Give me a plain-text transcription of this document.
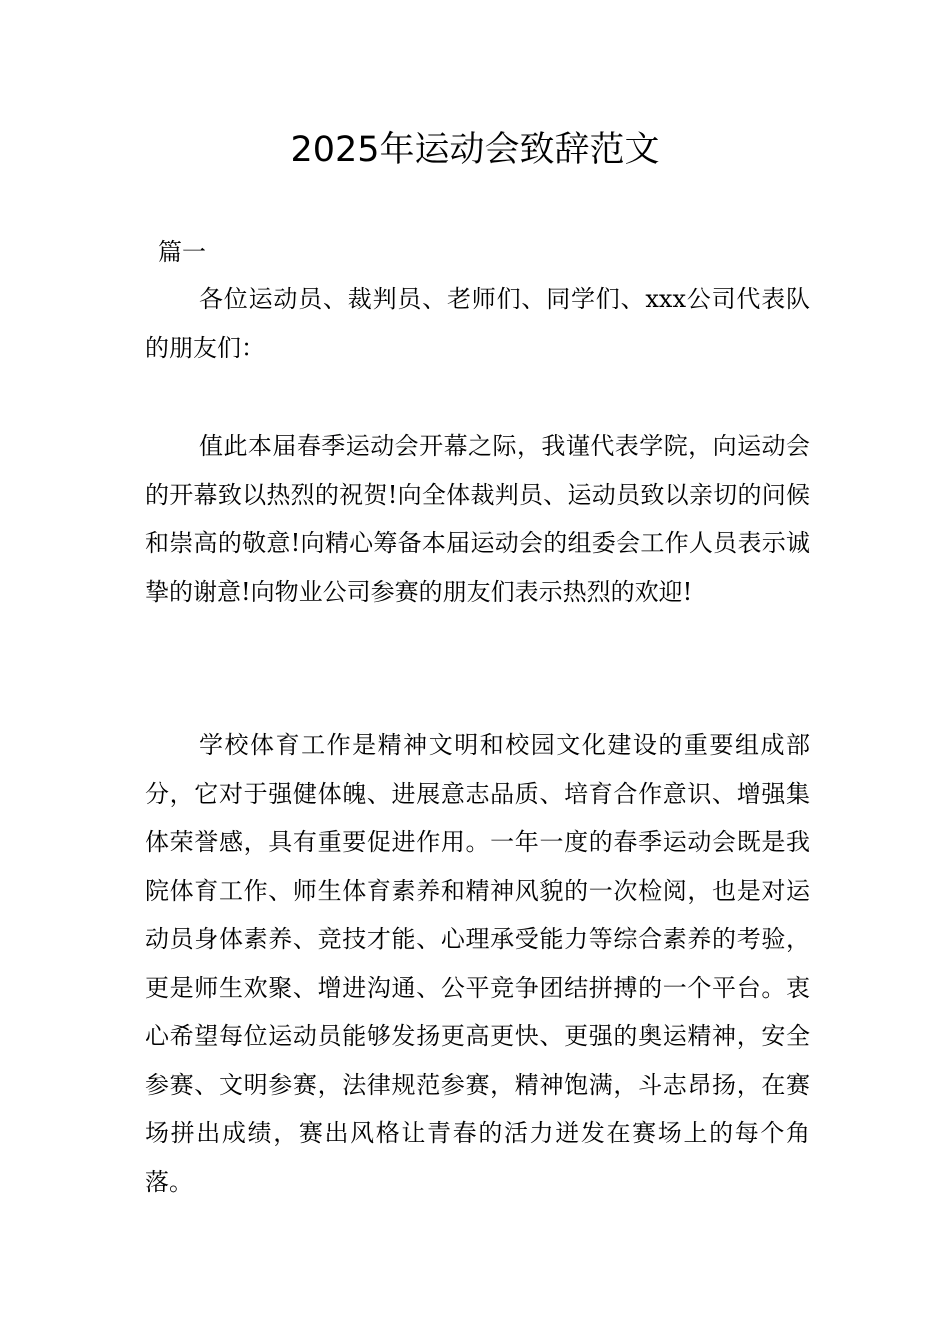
2025年运动会致辞范文

篇一

各位运动员、裁判员、老师们、同学们、xxx公司代表队的朋友们：

值此本届春季运动会开幕之际，我谨代表学院，向运动会的开幕致以热烈的祝贺!向全体裁判员、运动员致以亲切的问候和崇高的敬意!向精心筹备本届运动会的组委会工作人员表示诚挚的谢意!向物业公司参赛的朋友们表示热烈的欢迎!

学校体育工作是精神文明和校园文化建设的重要组成部分，它对于强健体魄、进展意志品质、培育合作意识、增强集体荣誉感，具有重要促进作用。一年一度的春季运动会既是我院体育工作、师生体育素养和精神风貌的一次检阅，也是对运动员身体素养、竞技才能、心理承受能力等综合素养的考验，更是师生欢聚、增进沟通、公平竞争团结拼搏的一个平台。衷心希望每位运动员能够发扬更高更快、更强的奥运精神，安全参赛、文明参赛，法律规范参赛，精神饱满，斗志昂扬，在赛场拼出成绩，赛出风格让青春的活力迸发在赛场上的每个角落。
